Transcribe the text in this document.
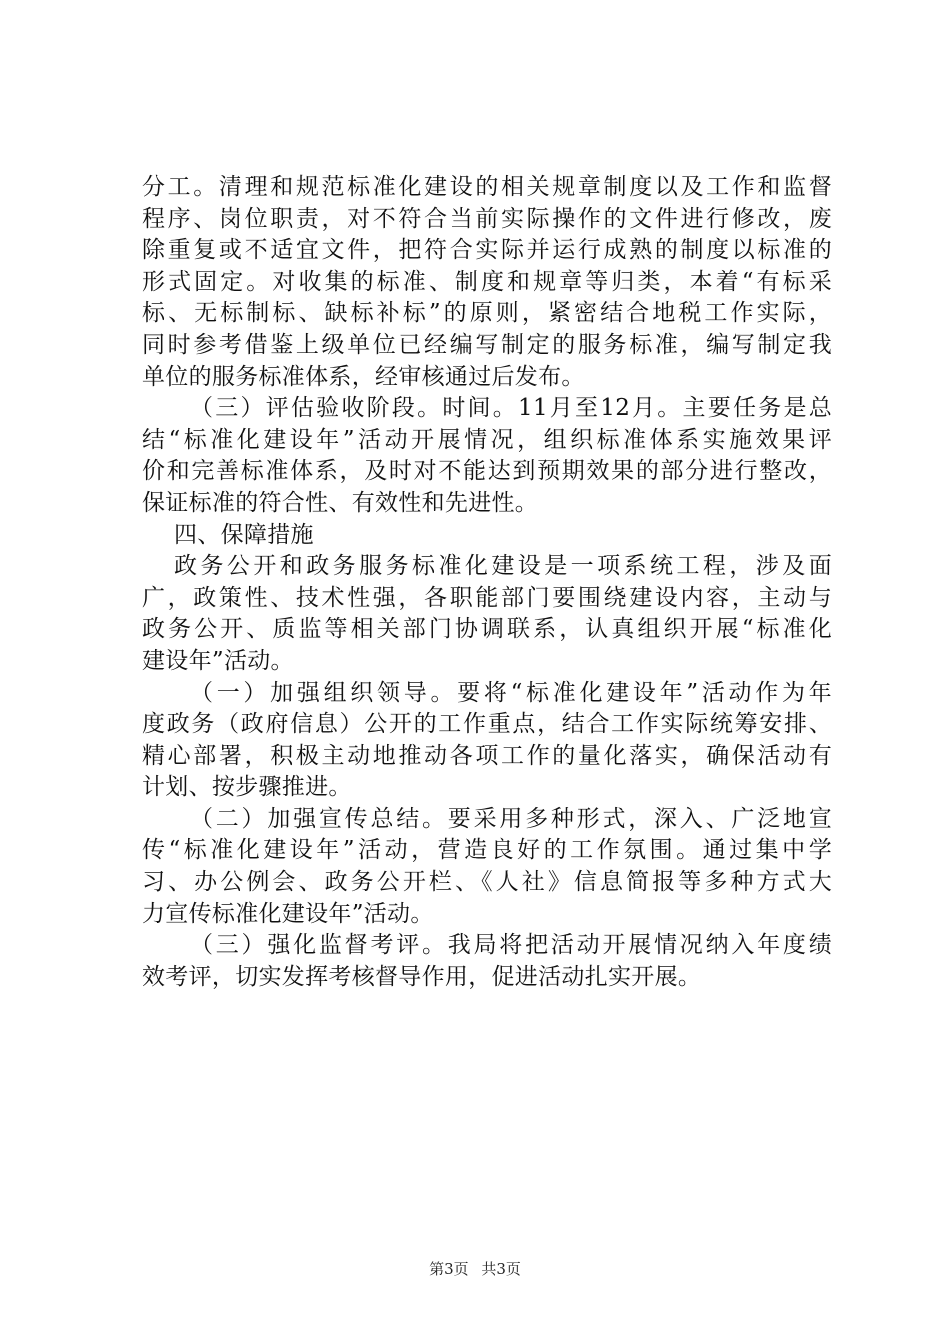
分工。清理和规范标准化建设的相关规章制度以及工作和监督
程序、岗位职责，对不符合当前实际操作的文件进行修改，废
除重复或不适宜文件，把符合实际并运行成熟的制度以标准的
形式固定。对收集的标准、制度和规章等归类，本着“有标采
标、无标制标、缺标补标”的原则，紧密结合地税工作实际，
同时参考借鉴上级单位已经编写制定的服务标准，编写制定我
单位的服务标准体系，经审核通过后发布。
（三）评估验收阶段。时间。11月至12月。主要任务是总
结“标准化建设年”活动开展情况，组织标准体系实施效果评
价和完善标准体系，及时对不能达到预期效果的部分进行整改，
保证标准的符合性、有效性和先进性。
四、保障措施
政务公开和政务服务标准化建设是一项系统工程，涉及面
广，政策性、技术性强，各职能部门要围绕建设内容，主动与
政务公开、质监等相关部门协调联系，认真组织开展“标准化
建设年”活动。
（一）加强组织领导。要将“标准化建设年”活动作为年
度政务（政府信息）公开的工作重点，结合工作实际统筹安排、
精心部署，积极主动地推动各项工作的量化落实，确保活动有
计划、按步骤推进。
（二）加强宣传总结。要采用多种形式，深入、广泛地宣
传“标准化建设年”活动，营造良好的工作氛围。通过集中学
习、办公例会、政务公开栏、《人社》信息简报等多种方式大
力宣传标准化建设年”活动。
（三）强化监督考评。我局将把活动开展情况纳入年度绩
效考评，切实发挥考核督导作用，促进活动扎实开展。
第3页 共3页
